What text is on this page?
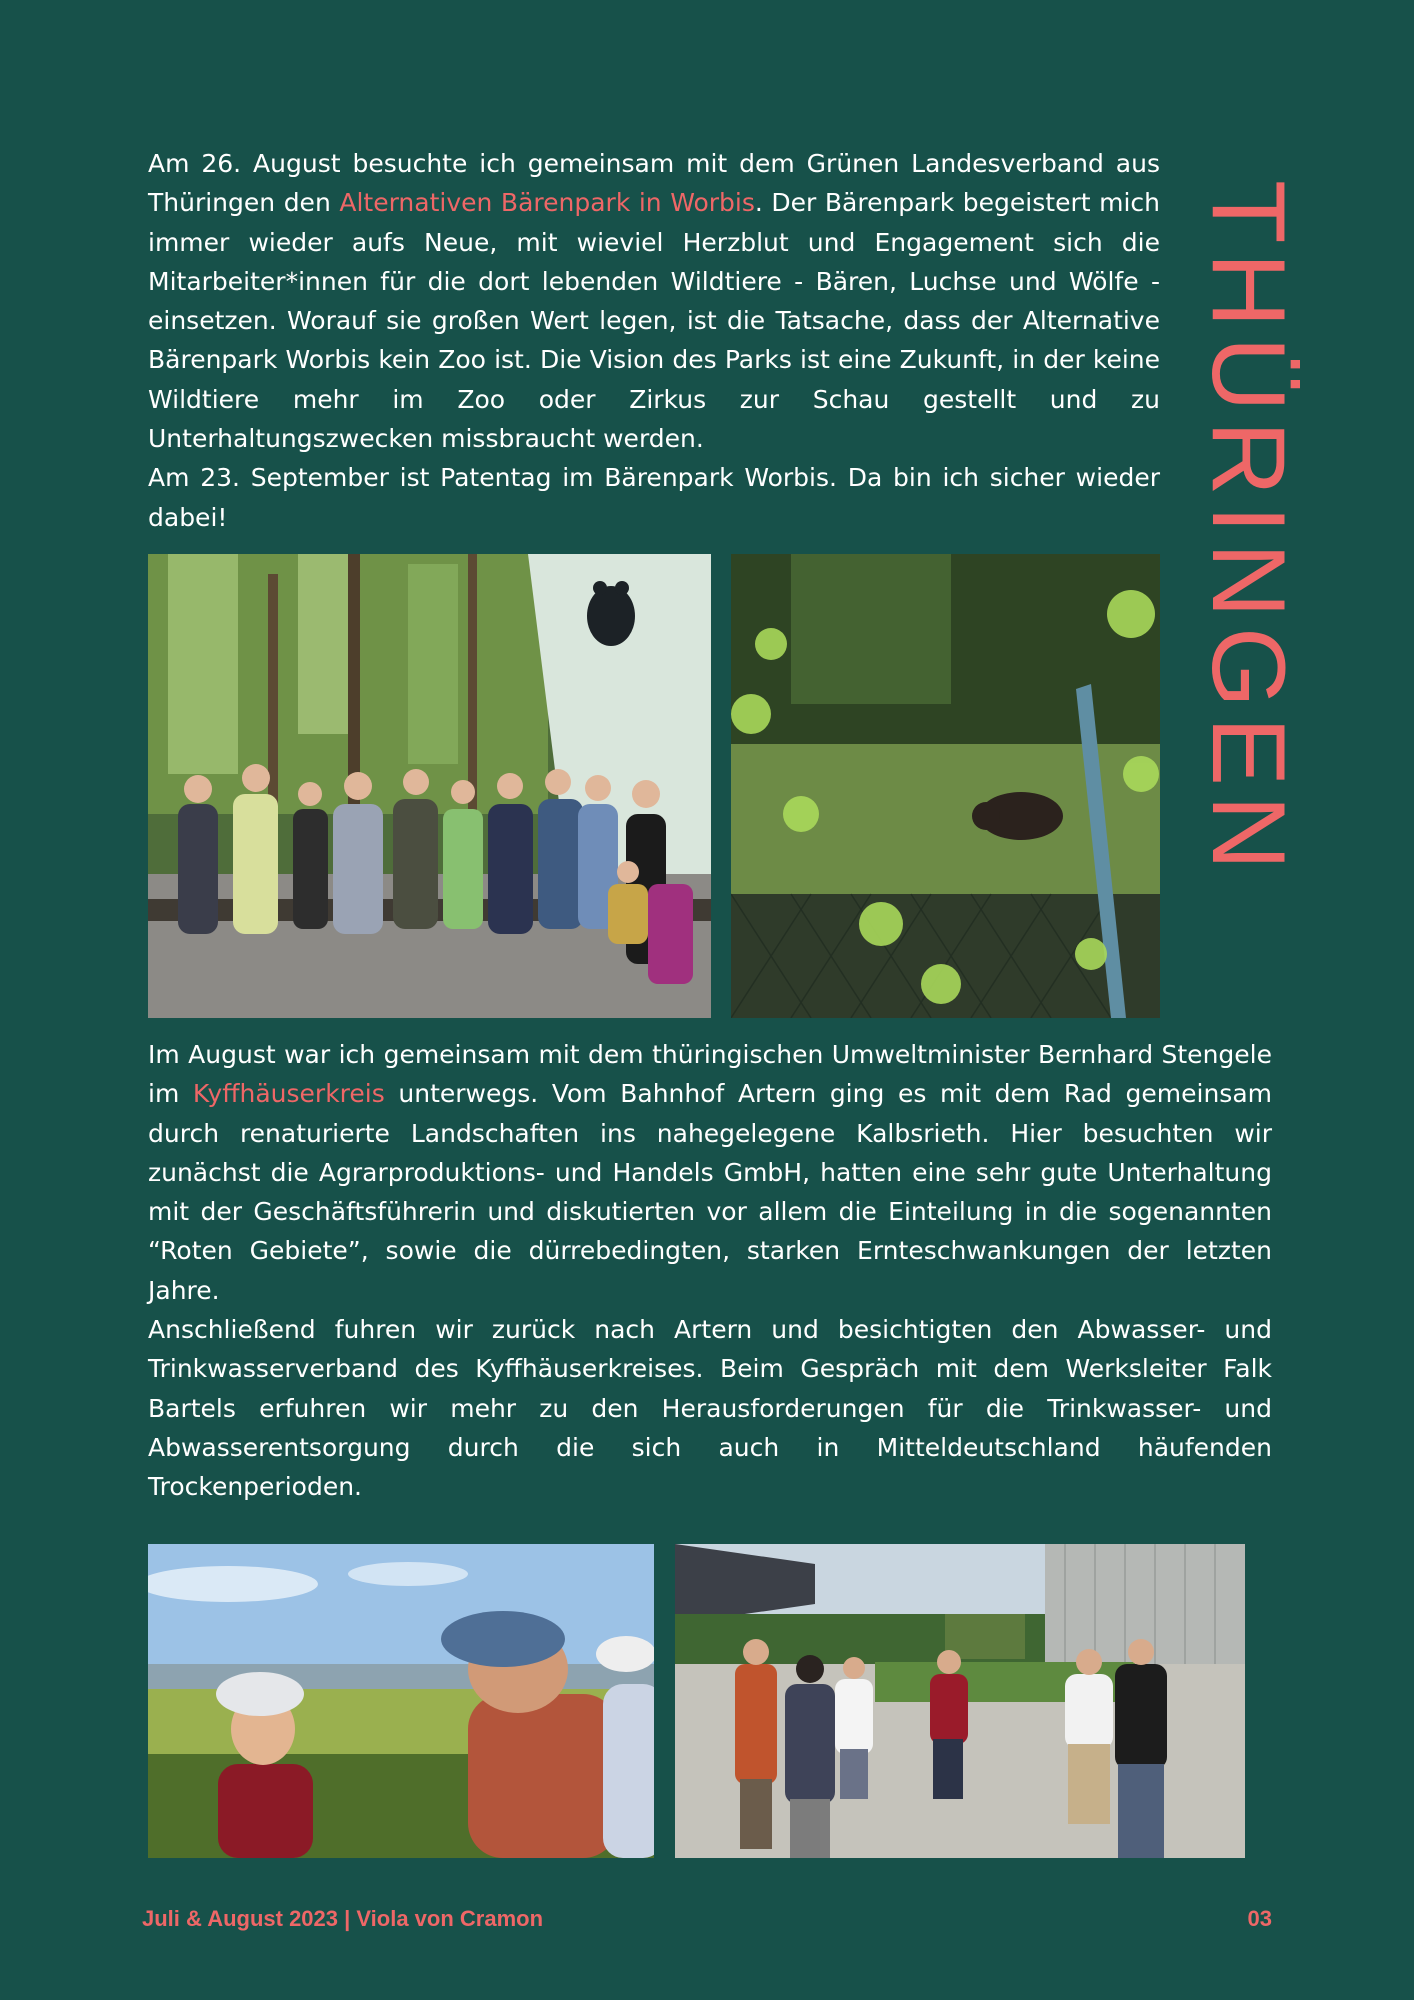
Am 26. August besuchte ich gemeinsam mit dem Grünen Landesverband aus Thüringen den Alternativen Bärenpark in Worbis. Der Bärenpark begeistert mich immer wieder aufs Neue, mit wieviel Herzblut und Engagement sich die Mitarbeiter*innen für die dort lebenden Wildtiere - Bären, Luchse und Wölfe - einsetzen. Worauf sie großen Wert legen, ist die Tatsache, dass der Alternative Bärenpark Worbis kein Zoo ist. Die Vision des Parks ist eine Zukunft, in der keine Wildtiere mehr im Zoo oder Zirkus zur Schau gestellt und zu Unterhaltungszwecken missbraucht werden.

Am 23. September ist Patentag im Bärenpark Worbis. Da bin ich sicher wieder dabei!	THÜRINGEN

Im August war ich gemeinsam mit dem thüringischen Umweltminister Bernhard Stengele im Kyffhäuserkreis unterwegs. Vom Bahnhof Artern ging es mit dem Rad gemeinsam durch renaturierte Landschaften ins nahegelegene Kalbsrieth. Hier besuchten wir zunächst die Agrarproduktions- und Handels GmbH, hatten eine sehr gute Unterhaltung mit der Geschäftsführerin und diskutierten vor allem die Einteilung in die sogenannten “Roten Gebiete”, sowie die dürrebedingten, starken Ernteschwankungen der letzten Jahre.

Anschließend fuhren wir zurück nach Artern und besichtigten den Abwasser- und Trinkwasserverband des Kyffhäuserkreises. Beim Gespräch mit dem Werksleiter Falk Bartels erfuhren wir mehr zu den Herausforderungen für die Trinkwasser- und Abwasserentsorgung durch die sich auch in Mitteldeutschland häufenden Trockenperioden.

Juli & August 2023 | Viola von Cramon	03
